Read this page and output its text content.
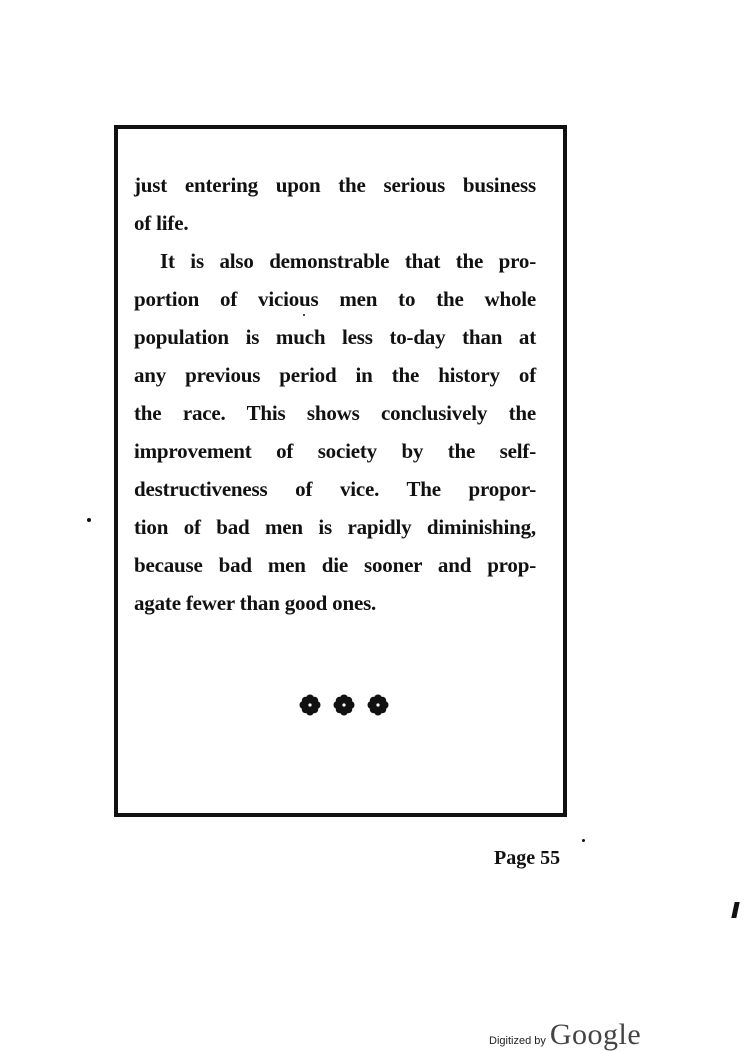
just entering upon the serious business
of life.
It is also demonstrable that the pro-
portion of vicious men to the whole
population is much less to-day than at
any previous period in the history of
the race. This shows conclusively the
improvement of society by the self-
destructiveness of vice. The propor-
tion of bad men is rapidly diminishing,
because bad men die sooner and prop-
agate fewer than good ones.
Page 55
Digitized by Google
